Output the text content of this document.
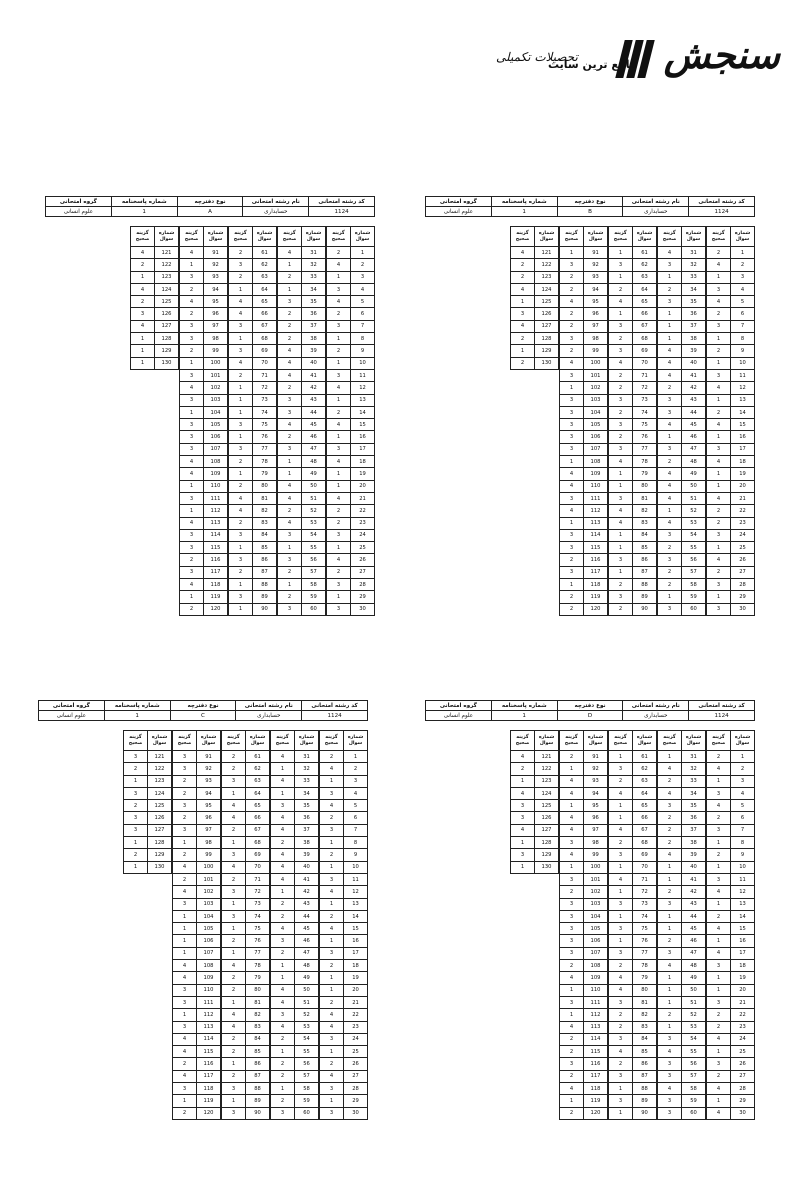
سنجش
جامع ترین سایت
تحصیلات تکمیلی
کد رشته امتحانی	نام رشته امتحانی	نوع دفترچه	شماره پاسخنامه	گروه امتحانی
1124	حسابداری	A	1	علوم انسانی
شماره سوال	گزینه صحیح
1	2
2	4
3	1
4	3
5	4
6	2
7	3
8	1
9	2
10	1
11	3
12	4
13	1
14	2
15	4
16	1
17	3
18	4
19	1
20	1
21	4
22	2
23	2
24	3
25	1
26	4
27	2
28	3
29	1
30	3
شماره سوال	گزینه صحیح
31	4
32	1
33	2
34	1
35	3
36	2
37	2
38	2
39	4
40	4
41	4
42	2
43	3
44	3
45	4
46	2
47	3
48	1
49	1
50	4
51	4
52	2
53	4
54	3
55	1
56	3
57	2
58	1
59	2
60	3
شماره سوال	گزینه صحیح
61	2
62	3
63	2
64	1
65	4
66	4
67	3
68	1
69	3
70	4
71	2
72	1
73	1
74	1
75	3
76	1
77	3
78	2
79	1
80	2
81	4
82	4
83	2
84	3
85	1
86	3
87	2
88	1
89	3
90	1
شماره سوال	گزینه صحیح
91	4
92	1
93	3
94	2
95	4
96	2
97	3
98	3
99	2
100	1
101	3
102	4
103	3
104	1
105	3
106	3
107	3
108	4
109	4
110	1
111	3
112	1
113	4
114	3
115	3
116	2
117	3
118	4
119	1
120	2
شماره سوال	گزینه صحیح
121	4
122	2
123	1
124	4
125	2
126	3
127	4
128	1
129	1
130	1
کد رشته امتحانی	نام رشته امتحانی	نوع دفترچه	شماره پاسخنامه	گروه امتحانی
1124	حسابداری	B	1	علوم انسانی
شماره سوال	گزینه صحیح
1	2
2	4
3	1
4	3
5	4
6	2
7	3
8	1
9	2
10	1
11	3
12	4
13	1
14	2
15	4
16	1
17	3
18	4
19	1
20	1
21	4
22	2
23	2
24	3
25	1
26	4
27	2
28	3
29	1
30	3
شماره سوال	گزینه صحیح
31	4
32	3
33	1
34	2
35	3
36	1
37	1
38	1
39	4
40	4
41	4
42	2
43	3
44	3
45	4
46	1
47	3
48	2
49	4
50	4
51	4
52	1
53	4
54	3
55	2
56	3
57	2
58	2
59	1
60	3
شماره سوال	گزینه صحیح
61	1
62	3
63	1
64	2
65	4
66	1
67	3
68	2
69	3
70	4
71	2
72	2
73	3
74	2
75	3
76	2
77	3
78	4
79	1
80	1
81	3
82	4
83	4
84	1
85	1
86	3
87	1
88	2
89	3
90	2
شماره سوال	گزینه صحیح
91	1
92	3
93	2
94	2
95	4
96	2
97	2
98	3
99	2
100	4
101	3
102	1
103	3
104	3
105	3
106	3
107	3
108	1
109	4
110	4
111	3
112	4
113	1
114	3
115	3
116	2
117	3
118	1
119	2
120	2
شماره سوال	گزینه صحیح
121	4
122	2
123	2
124	4
125	1
126	3
127	4
128	2
129	1
130	2
کد رشته امتحانی	نام رشته امتحانی	نوع دفترچه	شماره پاسخنامه	گروه امتحانی
1124	حسابداری	C	1	علوم انسانی
شماره سوال	گزینه صحیح
1	2
2	4
3	1
4	3
5	4
6	2
7	3
8	1
9	2
10	1
11	3
12	4
13	1
14	2
15	4
16	1
17	3
18	2
19	1
20	1
21	2
22	4
23	4
24	3
25	1
26	2
27	4
28	3
29	1
30	3
شماره سوال	گزینه صحیح
31	4
32	1
33	4
34	1
35	3
36	4
37	4
38	2
39	4
40	4
41	4
42	1
43	2
44	2
45	4
46	3
47	2
48	1
49	1
50	4
51	4
52	3
53	4
54	2
55	1
56	2
57	2
58	1
59	2
60	3
شماره سوال	گزینه صحیح
61	2
62	2
63	3
64	1
65	4
66	4
67	2
68	1
69	3
70	4
71	2
72	3
73	1
74	3
75	1
76	2
77	1
78	4
79	2
80	2
81	1
82	4
83	4
84	2
85	2
86	1
87	2
88	3
89	1
90	3
شماره سوال	گزینه صحیح
91	3
92	3
93	2
94	2
95	3
96	2
97	3
98	1
99	2
100	4
101	2
102	4
103	3
104	1
105	1
106	1
107	1
108	4
109	4
110	3
111	3
112	1
113	3
114	4
115	4
116	2
117	4
118	3
119	1
120	2
شماره سوال	گزینه صحیح
121	3
122	2
123	1
124	3
125	2
126	3
127	3
128	1
129	2
130	1
کد رشته امتحانی	نام رشته امتحانی	نوع دفترچه	شماره پاسخنامه	گروه امتحانی
1124	حسابداری	D	1	علوم انسانی
شماره سوال	گزینه صحیح
1	2
2	4
3	1
4	3
5	4
6	2
7	3
8	1
9	2
10	1
11	3
12	4
13	1
14	2
15	4
16	1
17	4
18	3
19	1
20	1
21	3
22	2
23	2
24	4
25	1
26	3
27	2
28	4
29	1
30	4
شماره سوال	گزینه صحیح
31	1
32	4
33	2
34	4
35	3
36	2
37	2
38	2
39	4
40	1
41	1
42	2
43	3
44	1
45	1
46	2
47	3
48	4
49	1
50	1
51	1
52	2
53	1
54	3
55	4
56	3
57	3
58	4
59	3
60	3
شماره سوال	گزینه صحیح
61	1
62	3
63	2
64	4
65	1
66	1
67	4
68	2
69	3
70	1
71	4
72	1
73	3
74	1
75	3
76	1
77	3
78	2
79	4
80	4
81	3
82	2
83	2
84	3
85	4
86	2
87	3
88	1
89	3
90	1
شماره سوال	گزینه صحیح
91	2
92	1
93	4
94	4
95	1
96	4
97	4
98	3
99	4
100	1
101	3
102	2
103	3
104	3
105	3
106	3
107	3
108	2
109	4
110	1
111	3
112	1
113	4
114	2
115	2
116	3
117	2
118	4
119	1
120	2
شماره سوال	گزینه صحیح
121	4
122	2
123	1
124	4
125	3
126	3
127	4
128	1
129	3
130	1
